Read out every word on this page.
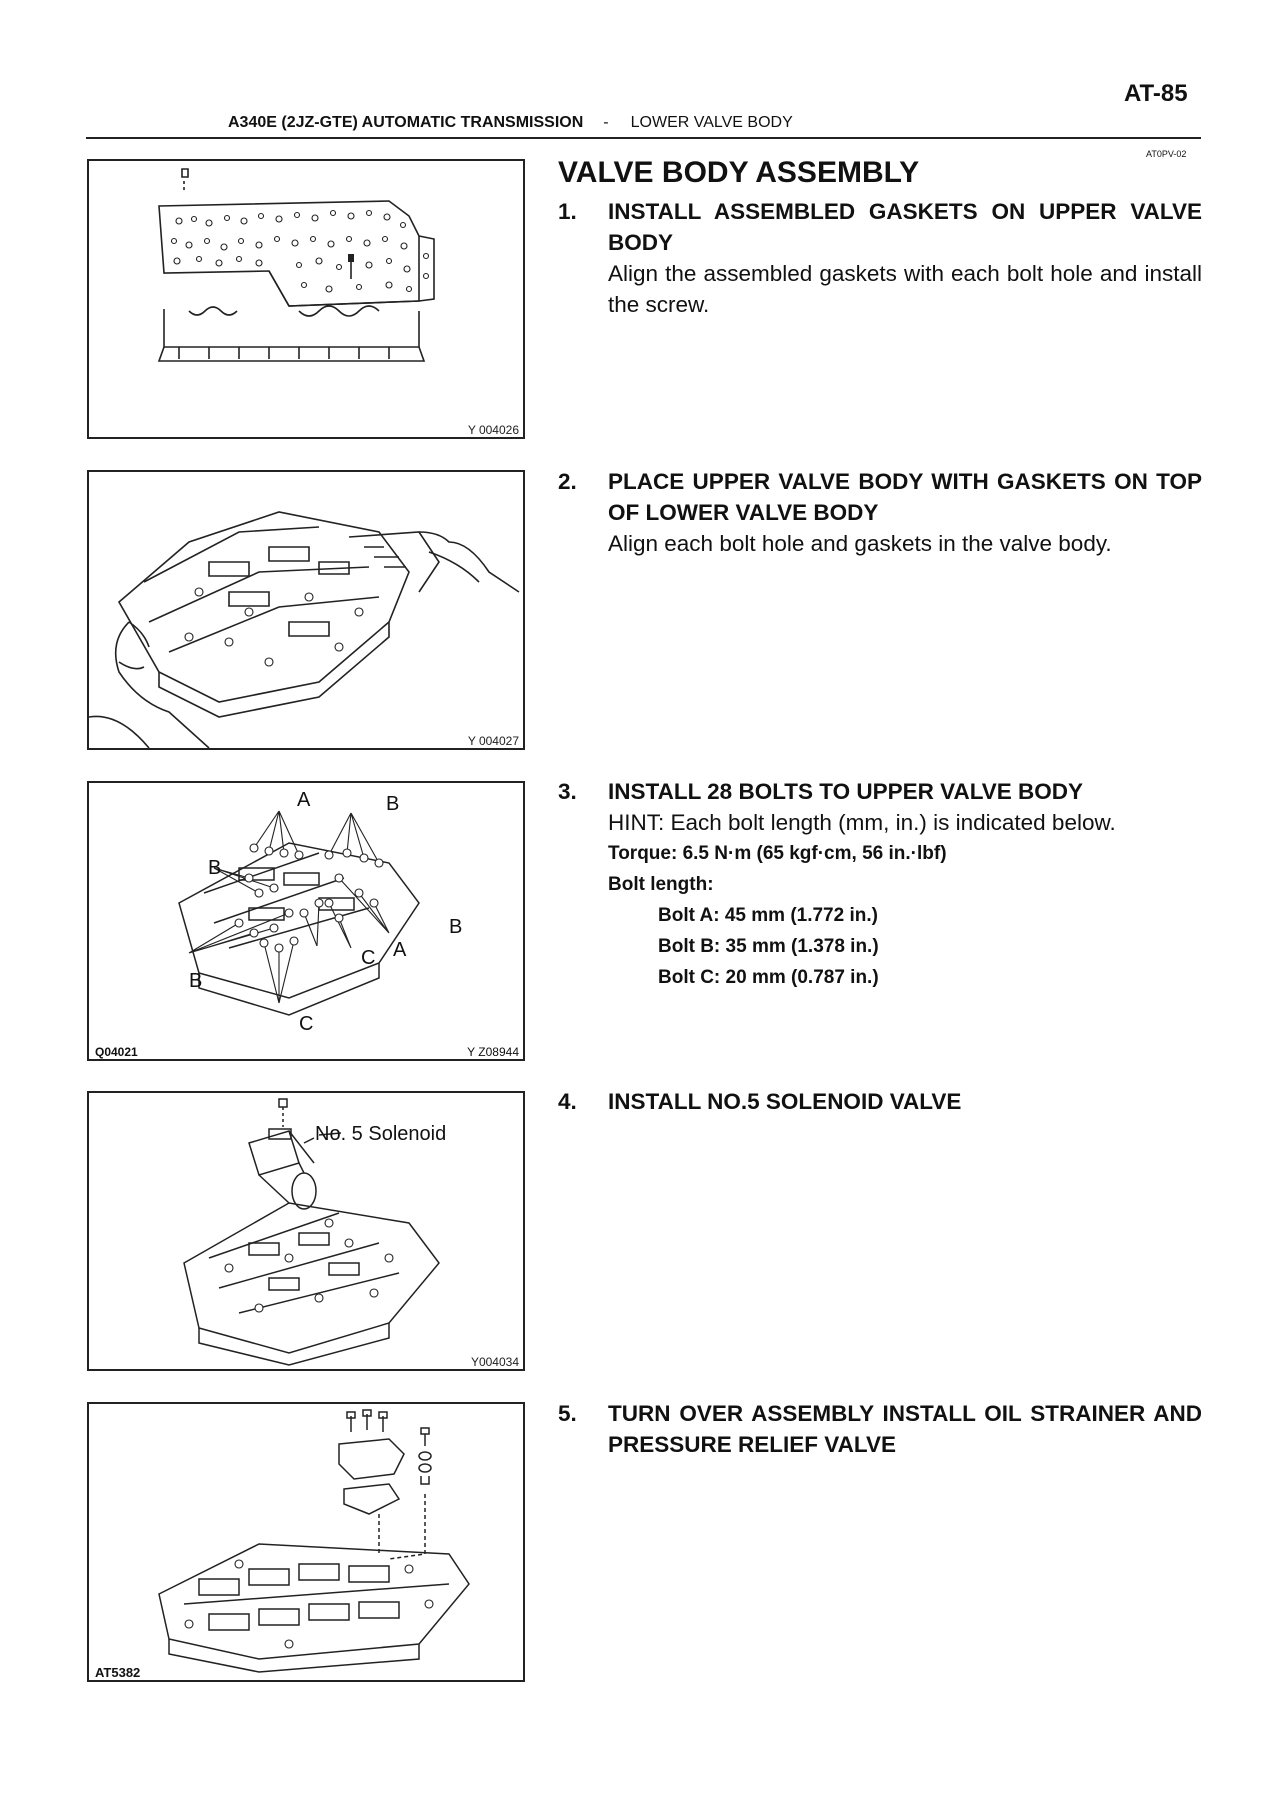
AT-85
A340E (2JZ-GTE) AUTOMATIC TRANSMISSION - LOWER VALVE BODY
AT0PV-02
VALVE BODY ASSEMBLY
1. INSTALL ASSEMBLED GASKETS ON UPPER VALVE BODY
Align the assembled gaskets with each bolt hole and install the screw.
2. PLACE UPPER VALVE BODY WITH GASKETS ON TOP OF LOWER VALVE BODY
Align each bolt hole and gaskets in the valve body.
3. INSTALL 28 BOLTS TO UPPER VALVE BODY
HINT: Each bolt length (mm, in.) is indicated below.
Torque: 6.5 N·m (65 kgf·cm, 56 in.·lbf)
Bolt length:
Bolt A: 45 mm (1.772 in.)
Bolt B: 35 mm (1.378 in.)
Bolt C: 20 mm (0.787 in.)
4. INSTALL NO.5 SOLENOID VALVE
5. TURN OVER ASSEMBLY INSTALL OIL STRAINER AND PRESSURE RELIEF VALVE
Y 004026
Y 004027
A	B
B
B
C A
B
C
Q04021	Y Z08944
No. 5 Solenoid
Y004034
AT5382
